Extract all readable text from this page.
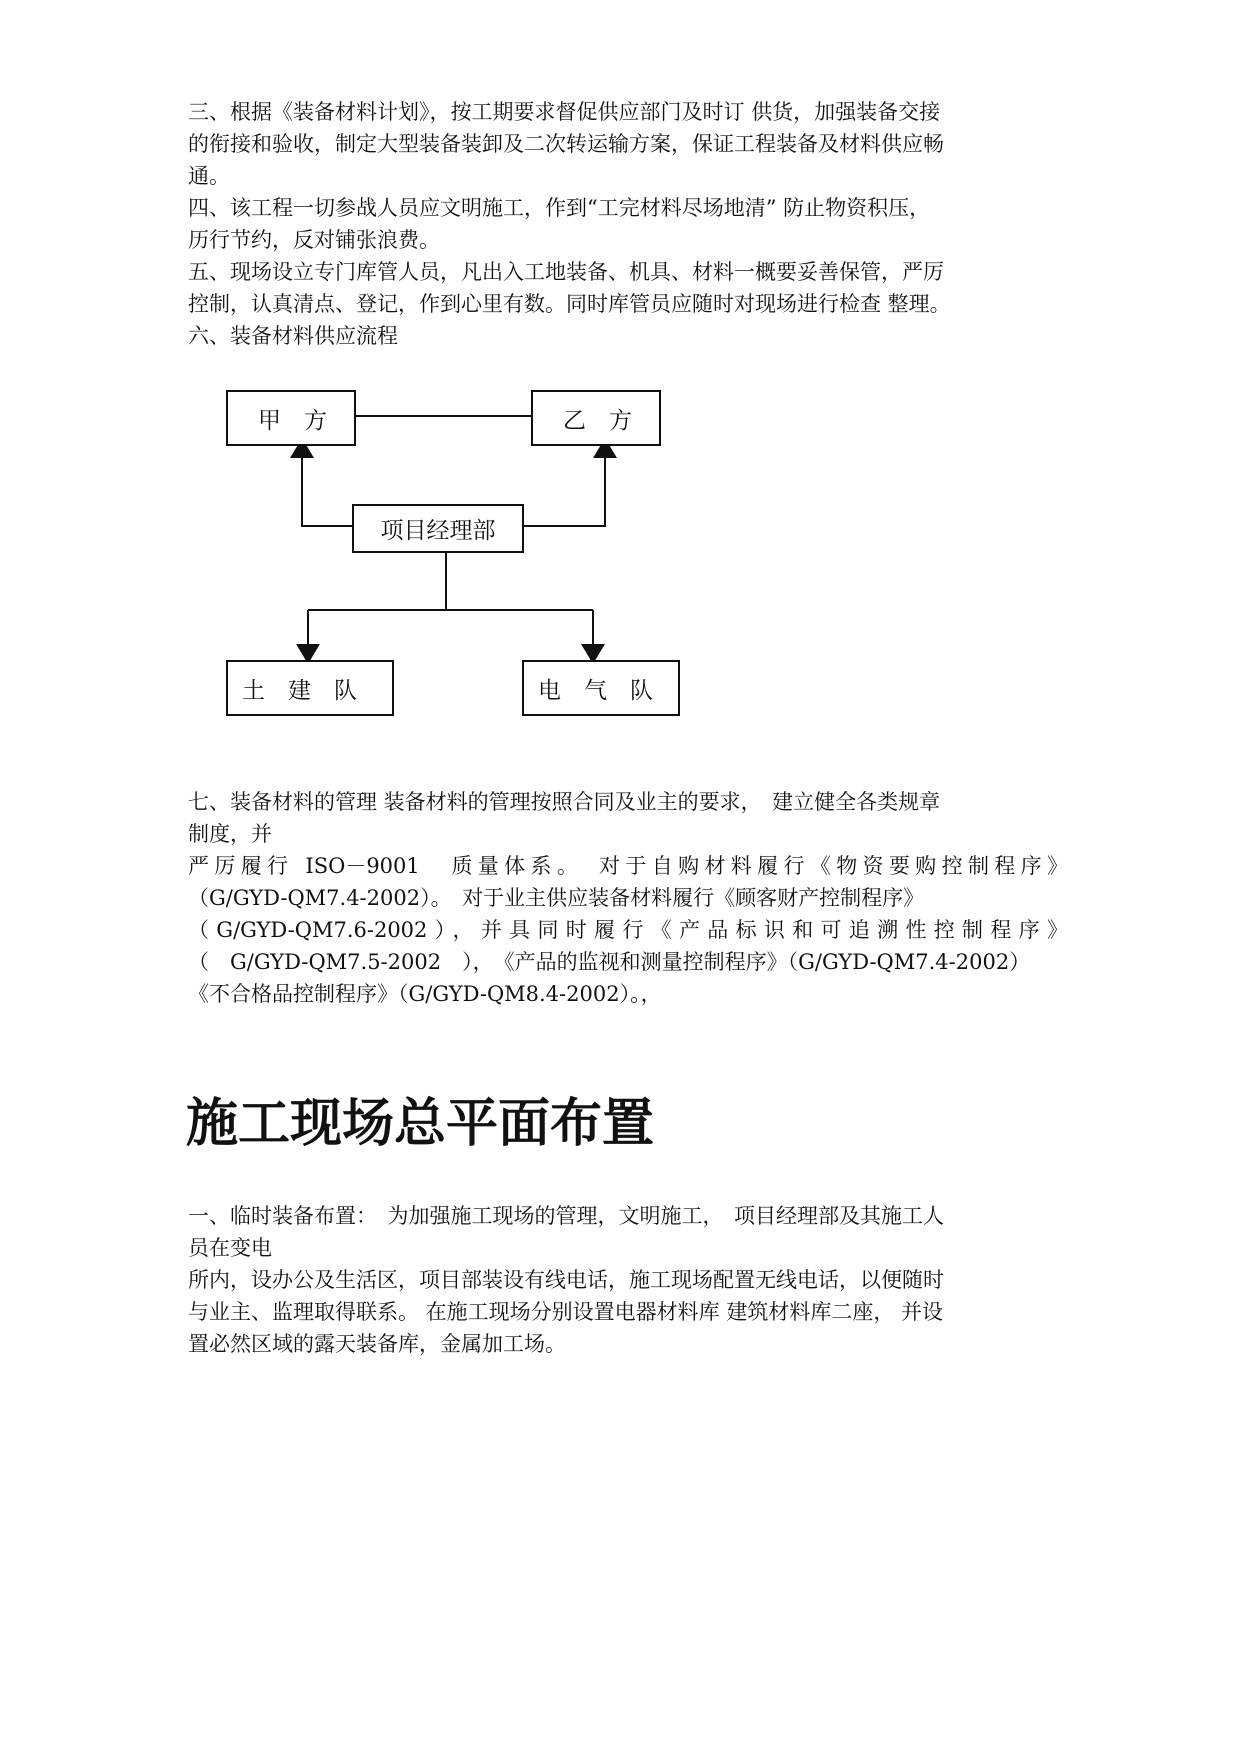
三、根据《装备材料计划》，按工期要求督促供应部门及时订 供货，加强装备交接
的衔接和验收，制定大型装备装卸及二次转运输方案，保证工程装备及材料供应畅
通。
四、该工程一切参战人员应文明施工，作到“工完材料尽场地清” 防止物资积压，
历行节约，反对铺张浪费。
五、现场设立专门库管人员，凡出入工地装备、机具、材料一概要妥善保管，严厉
控制，认真清点、登记，作到心里有数。同时库管员应随时对现场进行检查 整理。
六、装备材料供应流程
甲　方	乙　方
项目经理部
土　建　队	电　气　队
七、装备材料的管理 装备材料的管理按照合同及业主的要求，　建立健全各类规章
制度，并
严厉履行 ISO－9001　质量体系。　对于自购材料履行《物资要购控制程序》
（G/GYD-QM7.4-2002）。　对于业主供应装备材料履行《顾客财产控制程序》
（G/GYD-QM7.6-2002），并具同时履行《产品标识和可追溯性控制程序》
（　G/GYD-QM7.5-2002　），　《产品的监视和测量控制程序》（G/GYD-QM7.4-2002）
《不合格品控制程序》（G/GYD-QM8.4-2002）。，
施工现场总平面布置
一、临时装备布置：　为加强施工现场的管理，文明施工，　项目经理部及其施工人
员在变电
所内，设办公及生活区，项目部装设有线电话，施工现场配置无线电话，以便随时
与业主、监理取得联系。 在施工现场分别设置电器材料库 建筑材料库二座， 并设
置必然区域的露天装备库，金属加工场。
